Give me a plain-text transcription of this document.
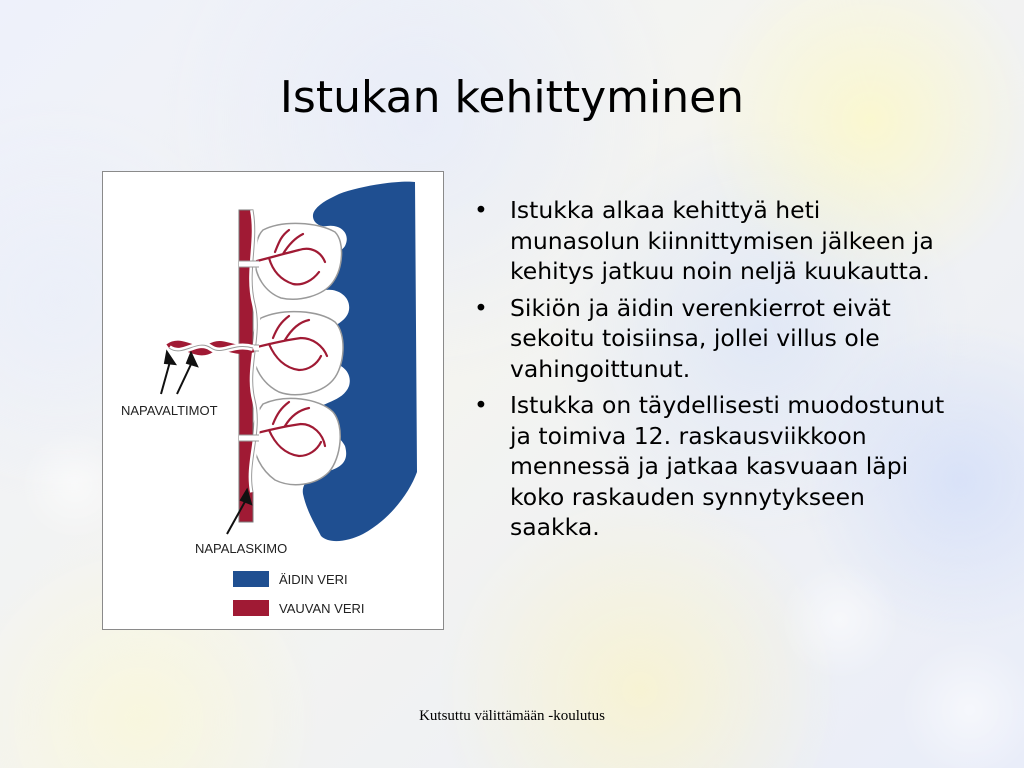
Istukan kehittyminen
NAPAVALTIMOT
NAPALASKIMO
ÄIDIN VERI
VAUVAN VERI
• Istukka alkaa kehittyä heti munasolun kiinnittymisen jälkeen ja kehitys jatkuu noin neljä kuukautta.
• Sikiön ja äidin verenkierrot eivät sekoitu toisiinsa, jollei villus ole vahingoittunut.
• Istukka on täydellisesti muodostunut ja toimiva 12. raskausviikkoon mennessä ja jatkaa kasvuaan läpi koko raskauden synnytykseen saakka.
Kutsuttu välittämään -koulutus
